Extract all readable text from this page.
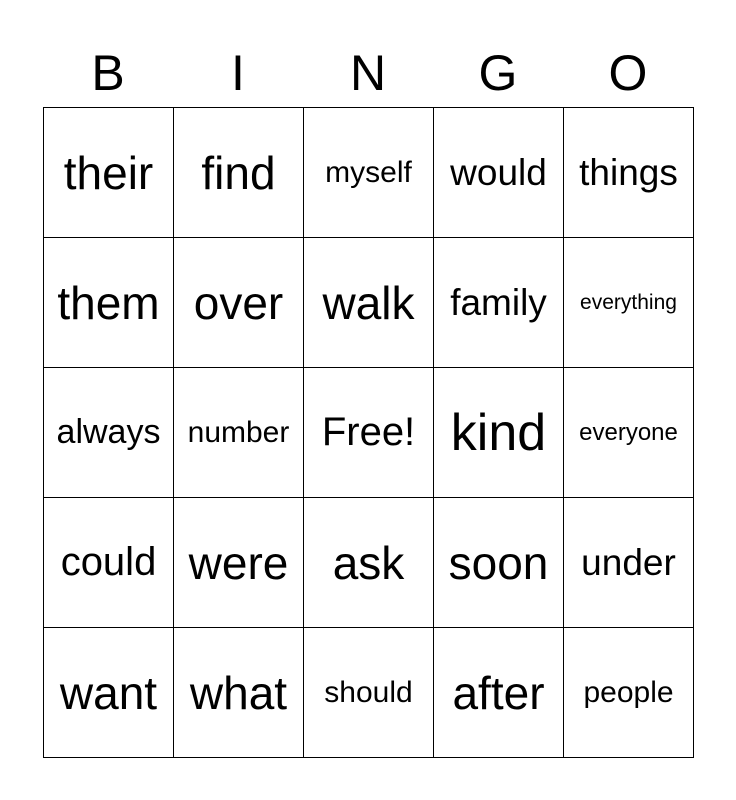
B	I	N	G	O
their find myself would things
them over walk family everything
always number Free! kind everyone
could were ask soon under
want what should after people
